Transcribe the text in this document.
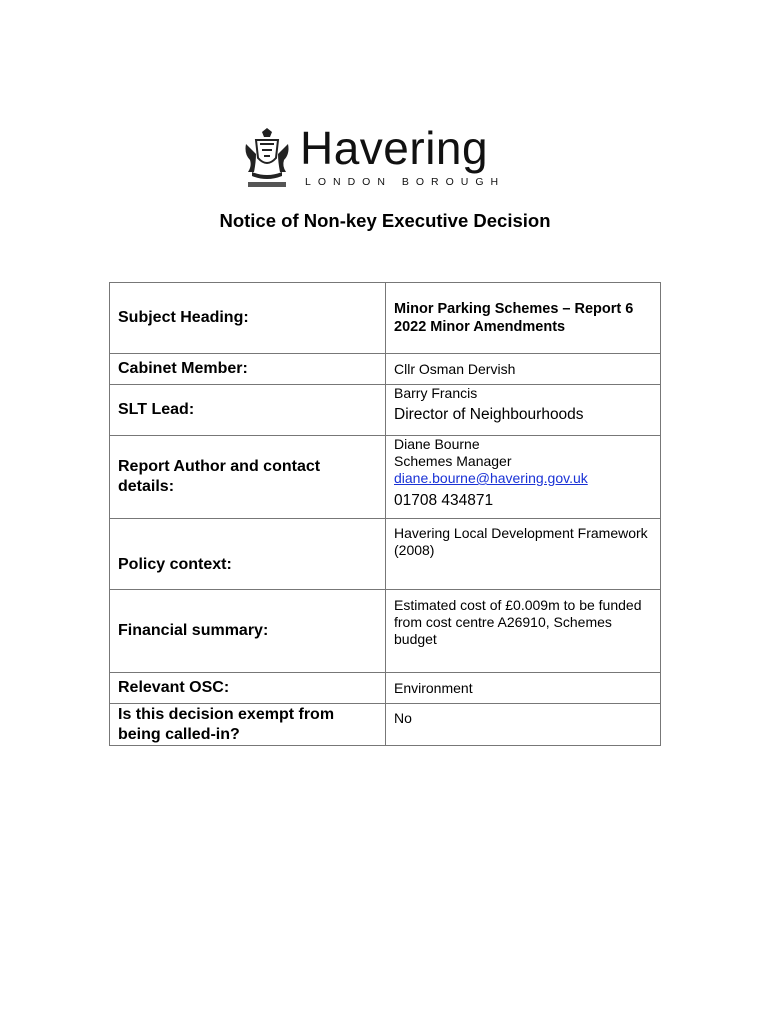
Havering
LONDON BOROUGH
Notice of Non-key Executive Decision
Subject Heading:	Minor Parking Schemes – Report 6 2022 Minor Amendments
Cabinet Member:	Cllr Osman Dervish
SLT Lead:	Barry Francis
Director of Neighbourhoods

Report Author and contact details:	Diane Bourne
Schemes Manager
diane.bourne@havering.gov.uk
01708 434871

Policy context:	Havering Local Development Framework (2008)
Financial summary:	Estimated cost of £0.009m to be funded from cost centre A26910, Schemes budget
Relevant OSC:	Environment
Is this decision exempt from being called-in?	No
